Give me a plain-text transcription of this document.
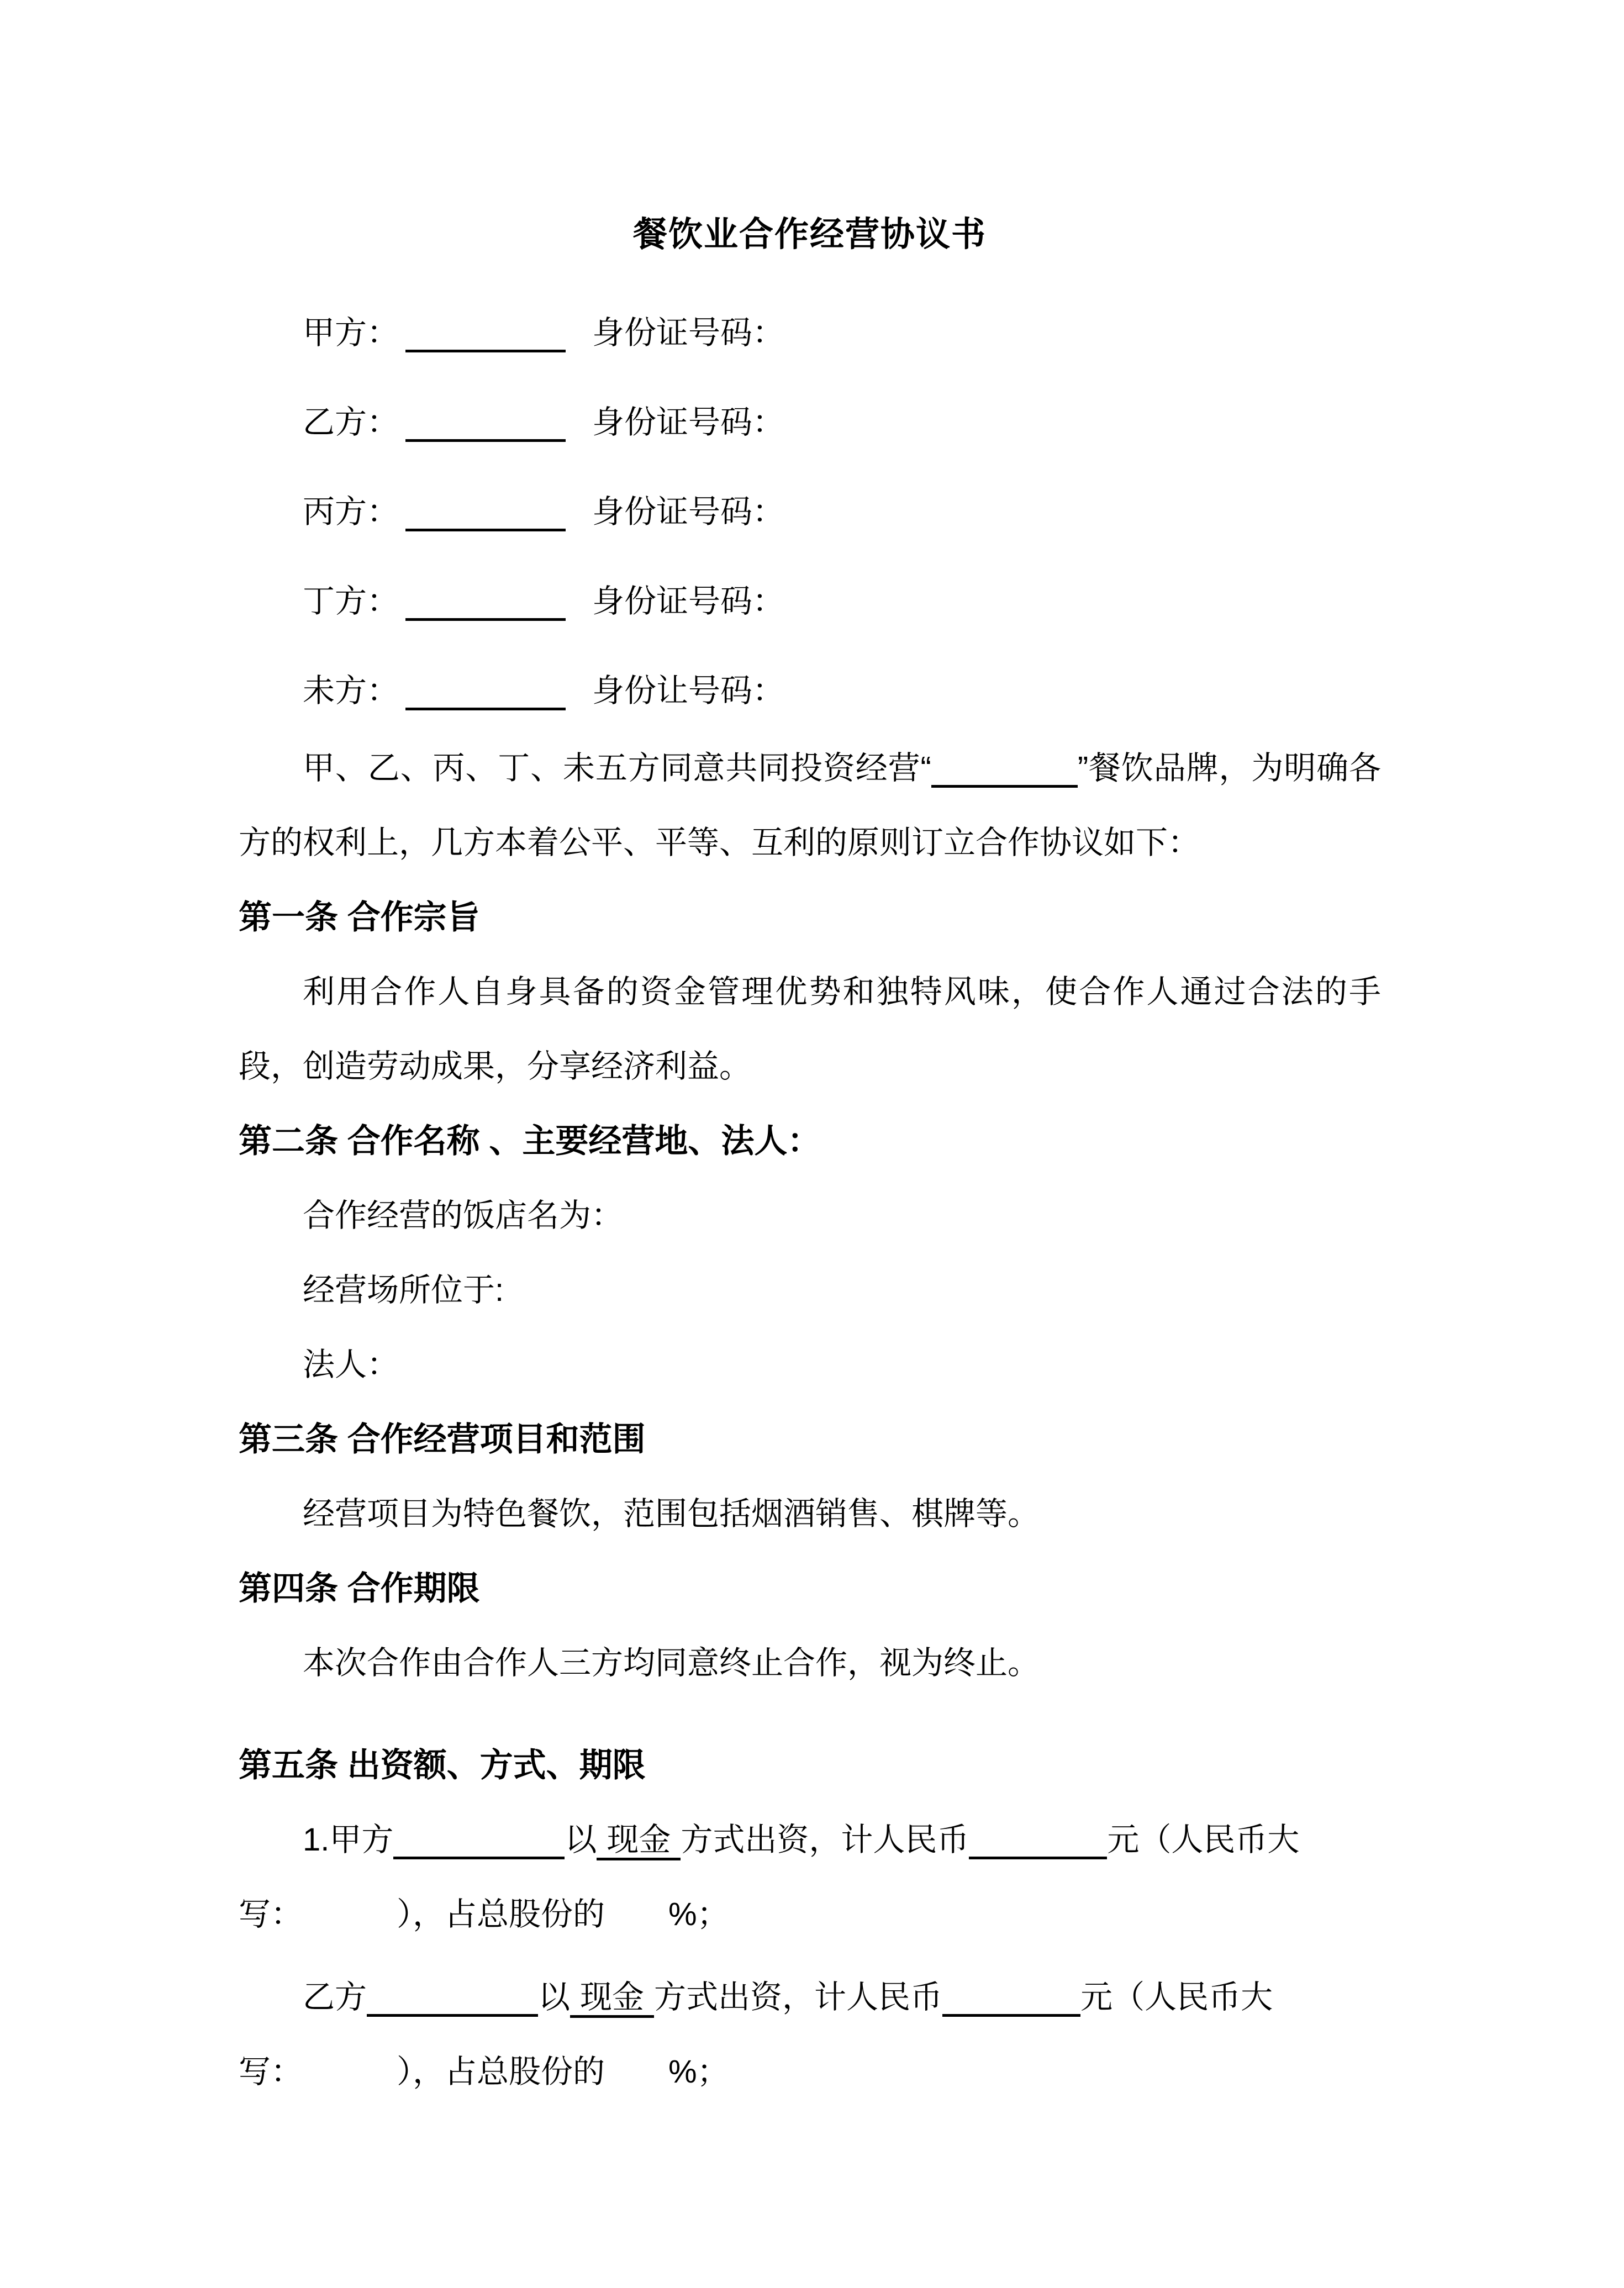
餐饮业合作经营协议书

甲方：	身份证号码：

乙方：	身份证号码：

丙方：	身份证号码：

丁方：	身份证号码：

未方：	身份让号码：

甲、乙、丙、丁、未五方同意共同投资经营“	”餐饮品牌，为明确各方的权利上，几方本着公平、平等、互利的原则订立合作协议如下：

第一条 合作宗旨

利用合作人自身具备的资金管理优势和独特风味，使合作人通过合法的手段，创造劳动成果，分享经济利益。

第二条 合作名称 、主要经营地、法人：

合作经营的饭店名为：

经营场所位于:

法人：

第三条 合作经营项目和范围

经营项目为特色餐饮，范围包括烟酒销售、棋牌等。

第四条 合作期限

本次合作由合作人三方均同意终止合作，视为终止。

第五条 出资额、方式、期限

1.甲方	以 现金 方式出资，计人民币	元（人民币大
写：	），占总股份的 %；

乙方	以 现金 方式出资，计人民币	元（人民币大
写：	），占总股份的 %；
